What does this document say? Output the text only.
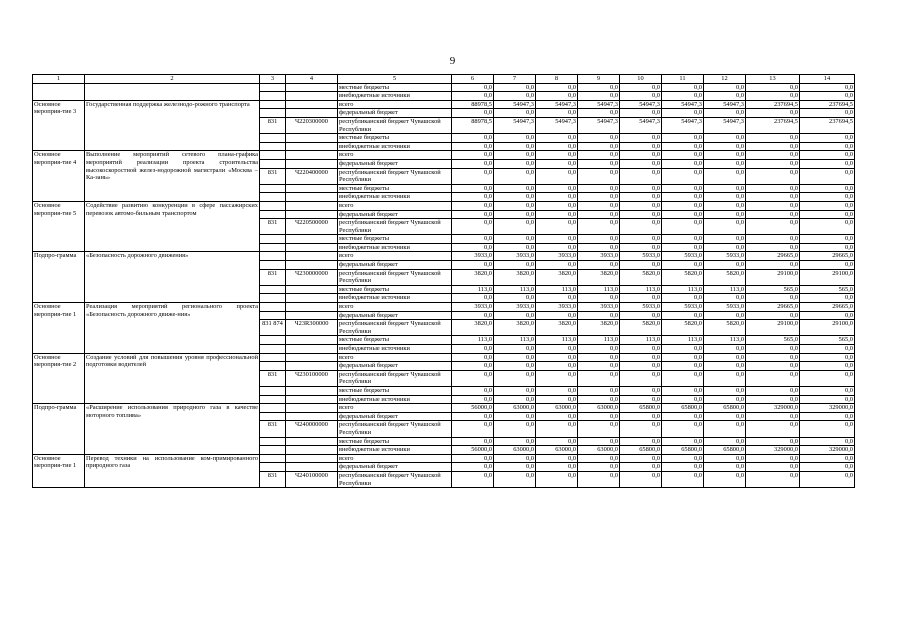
9
1	2	3	4	5	6	7	8	9	10	11	12	13	14
				местные бюджеты	0,0	0,0	0,0	0,0	0,0	0,0	0,0	0,0	0,0
				внебюджетные источники	0,0	0,0	0,0	0,0	0,0	0,0	0,0	0,0	0,0
Основное мероприя-тие 3	Государственная поддержка железнодо-рожного транспорта			всего	88978,5	54947,3	54947,3	54947,3	54947,3	54947,3	54947,3	237694,5	237694,5
				федеральный бюджет	0,0	0,0	0,0	0,0	0,0	0,0	0,0	0,0	0,0
		831	Ч220300000	республиканский бюджет Чувашской Республики	88978,5	54947,3	54947,3	54947,3	54947,3	54947,3	54947,3	237694,5	237694,5
				местные бюджеты	0,0	0,0	0,0	0,0	0,0	0,0	0,0	0,0	0,0
				внебюджетные источники	0,0	0,0	0,0	0,0	0,0	0,0	0,0	0,0	0,0
Основное мероприя-тие 4	Выполнение мероприятий сетевого плана-графика мероприятий реализации проекта строительства высокоскоростной желез-нодорожной магистрали «Москва – Ка-зань»			всего	0,0	0,0	0,0	0,0	0,0	0,0	0,0	0,0	0,0
				федеральный бюджет	0,0	0,0	0,0	0,0	0,0	0,0	0,0	0,0	0,0
		831	Ч220400000	республиканский бюджет Чувашской Республики	0,0	0,0	0,0	0,0	0,0	0,0	0,0	0,0	0,0
				местные бюджеты	0,0	0,0	0,0	0,0	0,0	0,0	0,0	0,0	0,0
				внебюджетные источники	0,0	0,0	0,0	0,0	0,0	0,0	0,0	0,0	0,0
Основное мероприя-тие 5	Содействие развитию конкуренции в сфере пассажирских перевозок автомо-бильным транспортом			всего	0,0	0,0	0,0	0,0	0,0	0,0	0,0	0,0	0,0
				федеральный бюджет	0,0	0,0	0,0	0,0	0,0	0,0	0,0	0,0	0,0
		831	Ч220500000	республиканский бюджет Чувашской Республики	0,0	0,0	0,0	0,0	0,0	0,0	0,0	0,0	0,0
				местные бюджеты	0,0	0,0	0,0	0,0	0,0	0,0	0,0	0,0	0,0
				внебюджетные источники	0,0	0,0	0,0	0,0	0,0	0,0	0,0	0,0	0,0
Подпро-грамма	«Безопасность дорожного движения»			всего	3933,0	3933,0	3933,0	3933,0	5933,0	5933,0	5933,0	29665,0	29665,0
				федеральный бюджет	0,0	0,0	0,0	0,0	0,0	0,0	0,0	0,0	0,0
		831	Ч230000000	республиканский бюджет Чувашской Республики	3820,0	3820,0	3820,0	3820,0	5820,0	5820,0	5820,0	29100,0	29100,0
				местные бюджеты	113,0	113,0	113,0	113,0	113,0	113,0	113,0	565,0	565,0
				внебюджетные источники	0,0	0,0	0,0	0,0	0,0	0,0	0,0	0,0	0,0
Основное мероприя-тие 1	Реализация мероприятий регионального проекта «Безопасность дорожного движе-ния»			всего	3933,0	3933,0	3933,0	3933,0	5933,0	5933,0	5933,0	29665,0	29665,0
				федеральный бюджет	0,0	0,0	0,0	0,0	0,0	0,0	0,0	0,0	0,0
		831 874	Ч23R300000	республиканский бюджет Чувашской Республики	3820,0	3820,0	3820,0	3820,0	5820,0	5820,0	5820,0	29100,0	29100,0
				местные бюджеты	113,0	113,0	113,0	113,0	113,0	113,0	113,0	565,0	565,0
				внебюджетные источники	0,0	0,0	0,0	0,0	0,0	0,0	0,0	0,0	0,0
Основное мероприя-тие 2	Создание условий для повышения уровня профессиональной подготовки водителей			всего	0,0	0,0	0,0	0,0	0,0	0,0	0,0	0,0	0,0
				федеральный бюджет	0,0	0,0	0,0	0,0	0,0	0,0	0,0	0,0	0,0
		831	Ч230100000	республиканский бюджет Чувашской Республики	0,0	0,0	0,0	0,0	0,0	0,0	0,0	0,0	0,0
				местные бюджеты	0,0	0,0	0,0	0,0	0,0	0,0	0,0	0,0	0,0
				внебюджетные источники	0,0	0,0	0,0	0,0	0,0	0,0	0,0	0,0	0,0
Подпро-грамма	«Расширение использования природного газа в качестве моторного топлива»			всего	56000,0	63000,0	63000,0	63000,0	65800,0	65800,0	65800,0	329000,0	329000,0
				федеральный бюджет	0,0	0,0	0,0	0,0	0,0	0,0	0,0	0,0	0,0
		831	Ч240000000	республиканский бюджет Чувашской Республики	0,0	0,0	0,0	0,0	0,0	0,0	0,0	0,0	0,0
				местные бюджеты	0,0	0,0	0,0	0,0	0,0	0,0	0,0	0,0	0,0
				внебюджетные источники	56000,0	63000,0	63000,0	63000,0	65800,0	65800,0	65800,0	329000,0	329000,0
Основное мероприя-тие 1	Перевод техники на использование ком-примированного природного газа			всего	0,0	0,0	0,0	0,0	0,0	0,0	0,0	0,0	0,0
				федеральный бюджет	0,0	0,0	0,0	0,0	0,0	0,0	0,0	0,0	0,0
		831	Ч240100000	республиканский бюджет Чувашской Республики	0,0	0,0	0,0	0,0	0,0	0,0	0,0	0,0	0,0
